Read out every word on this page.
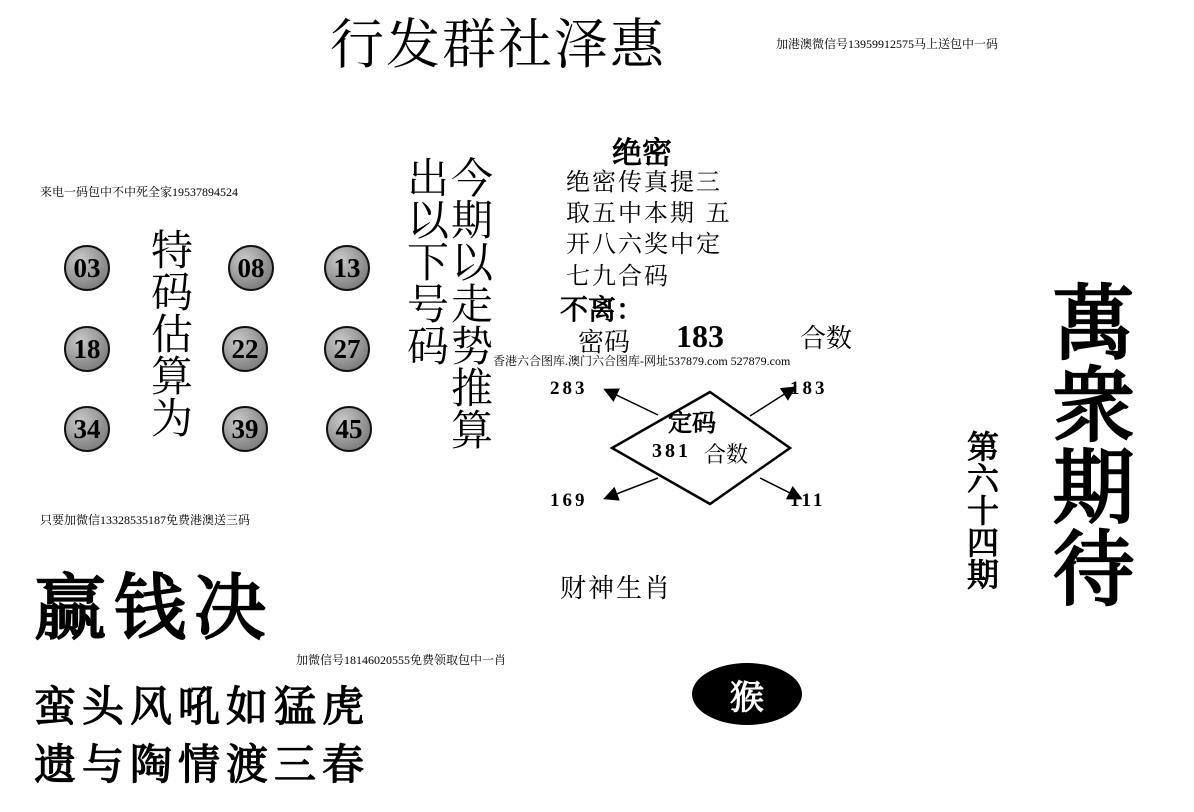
行发群社泽惠	加港澳微信号13959912575马上送包中一码
来电一码包中不中死全家19537894524
03	08	13
18	22	27
34	39	45
特码估算为	今期以走势推算
出以下号码
只要加微信13328535187免费港澳送三码
绝密
绝密传真提三
取五中本期 五
开八六奖中定
七九合码
不离：
密码 183	合数
香港六合图库.澳门六合图库-网址537879.com 527879.com
定码
381 合数
283	183
169	111
财神生肖
猴
萬衆期待
第六十四期
赢钱决
加微信号18146020555免费领取包中一肖
蛮头风吼如猛虎
遗与陶情渡三春
